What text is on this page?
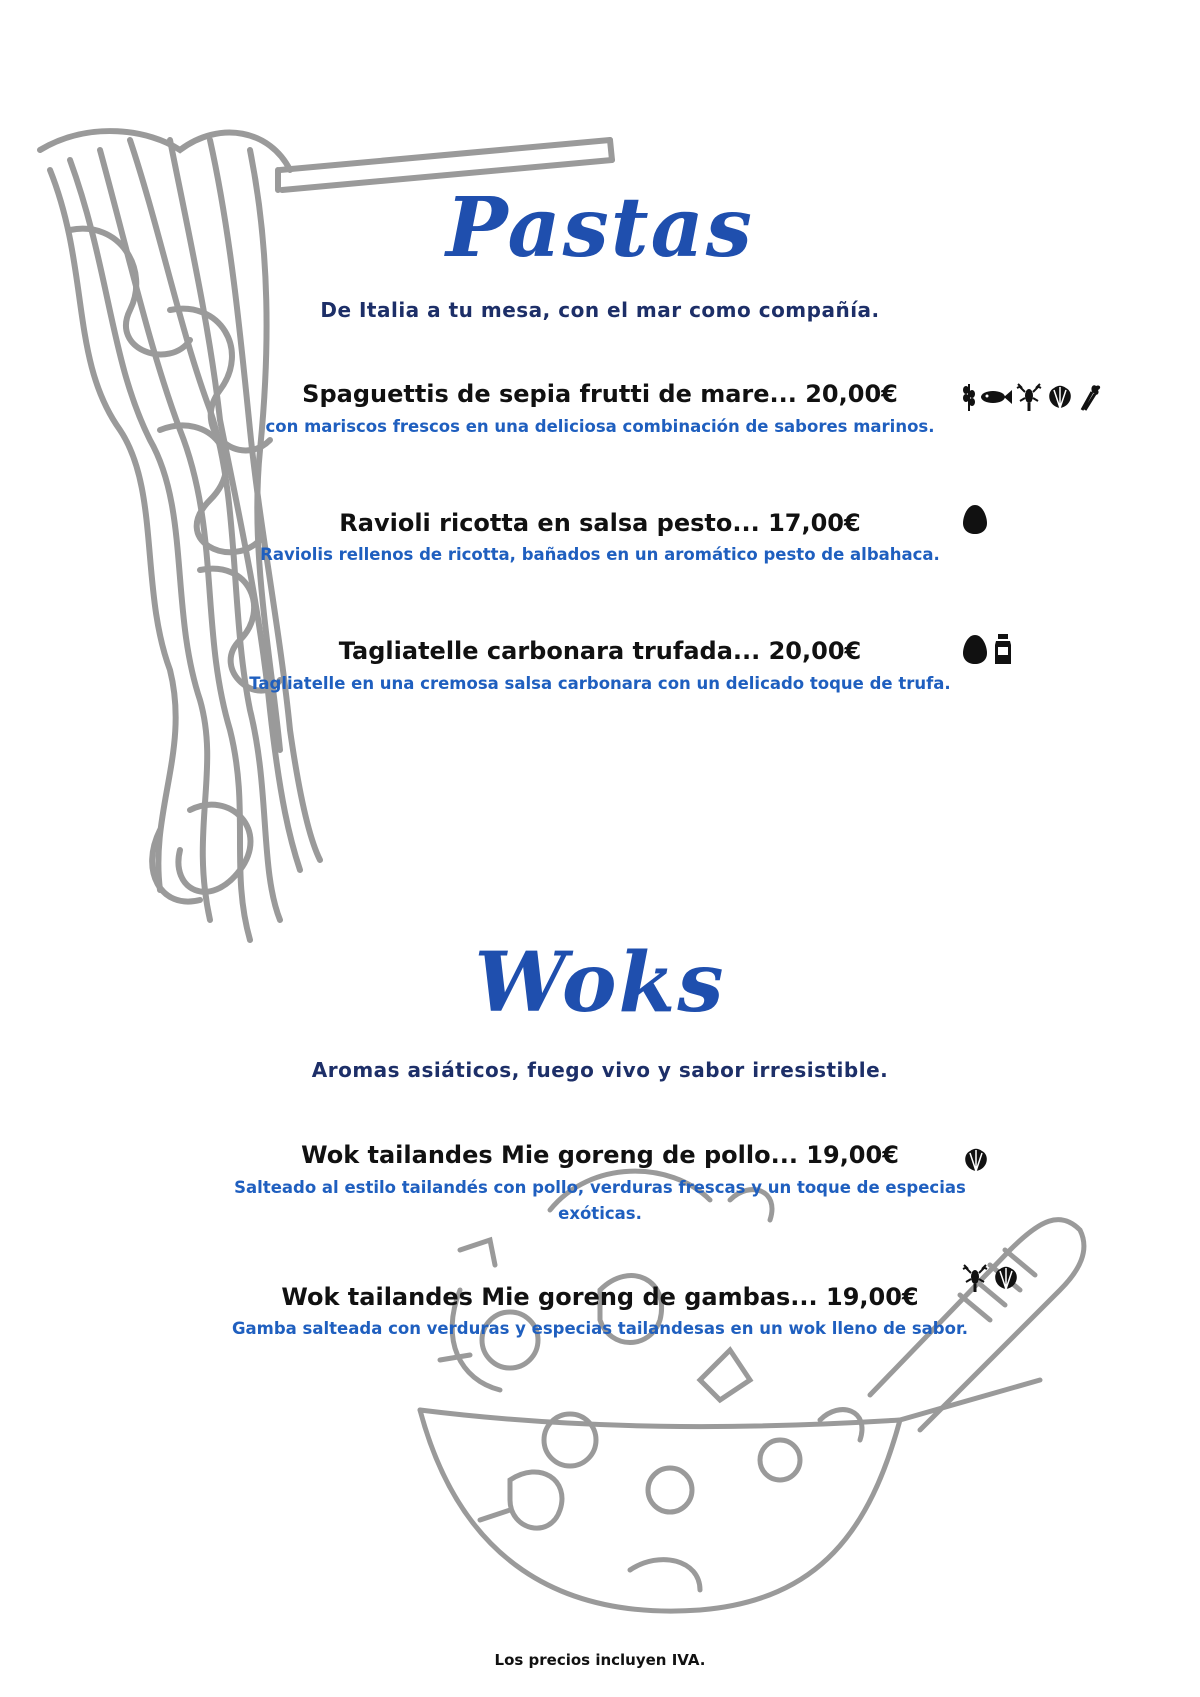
Pastas
De Italia a tu mesa, con el mar como compañía.
Spaguettis de sepia frutti de mare... 20,00€
con mariscos frescos en una deliciosa combinación de sabores marinos.
Ravioli ricotta en salsa pesto... 17,00€
Raviolis rellenos de ricotta, bañados en un aromático pesto de albahaca.
Tagliatelle carbonara trufada... 20,00€
Tagliatelle en una cremosa salsa carbonara con un delicado toque de trufa.
Woks
Aromas asiáticos, fuego vivo y sabor irresistible.
Wok tailandes Mie goreng de pollo... 19,00€
Salteado al estilo tailandés con pollo, verduras frescas y un toque de especias
exóticas.
Wok tailandes Mie goreng de gambas... 19,00€
Gamba salteada con verduras y especias tailandesas en un wok lleno de sabor.
Los precios incluyen IVA.
